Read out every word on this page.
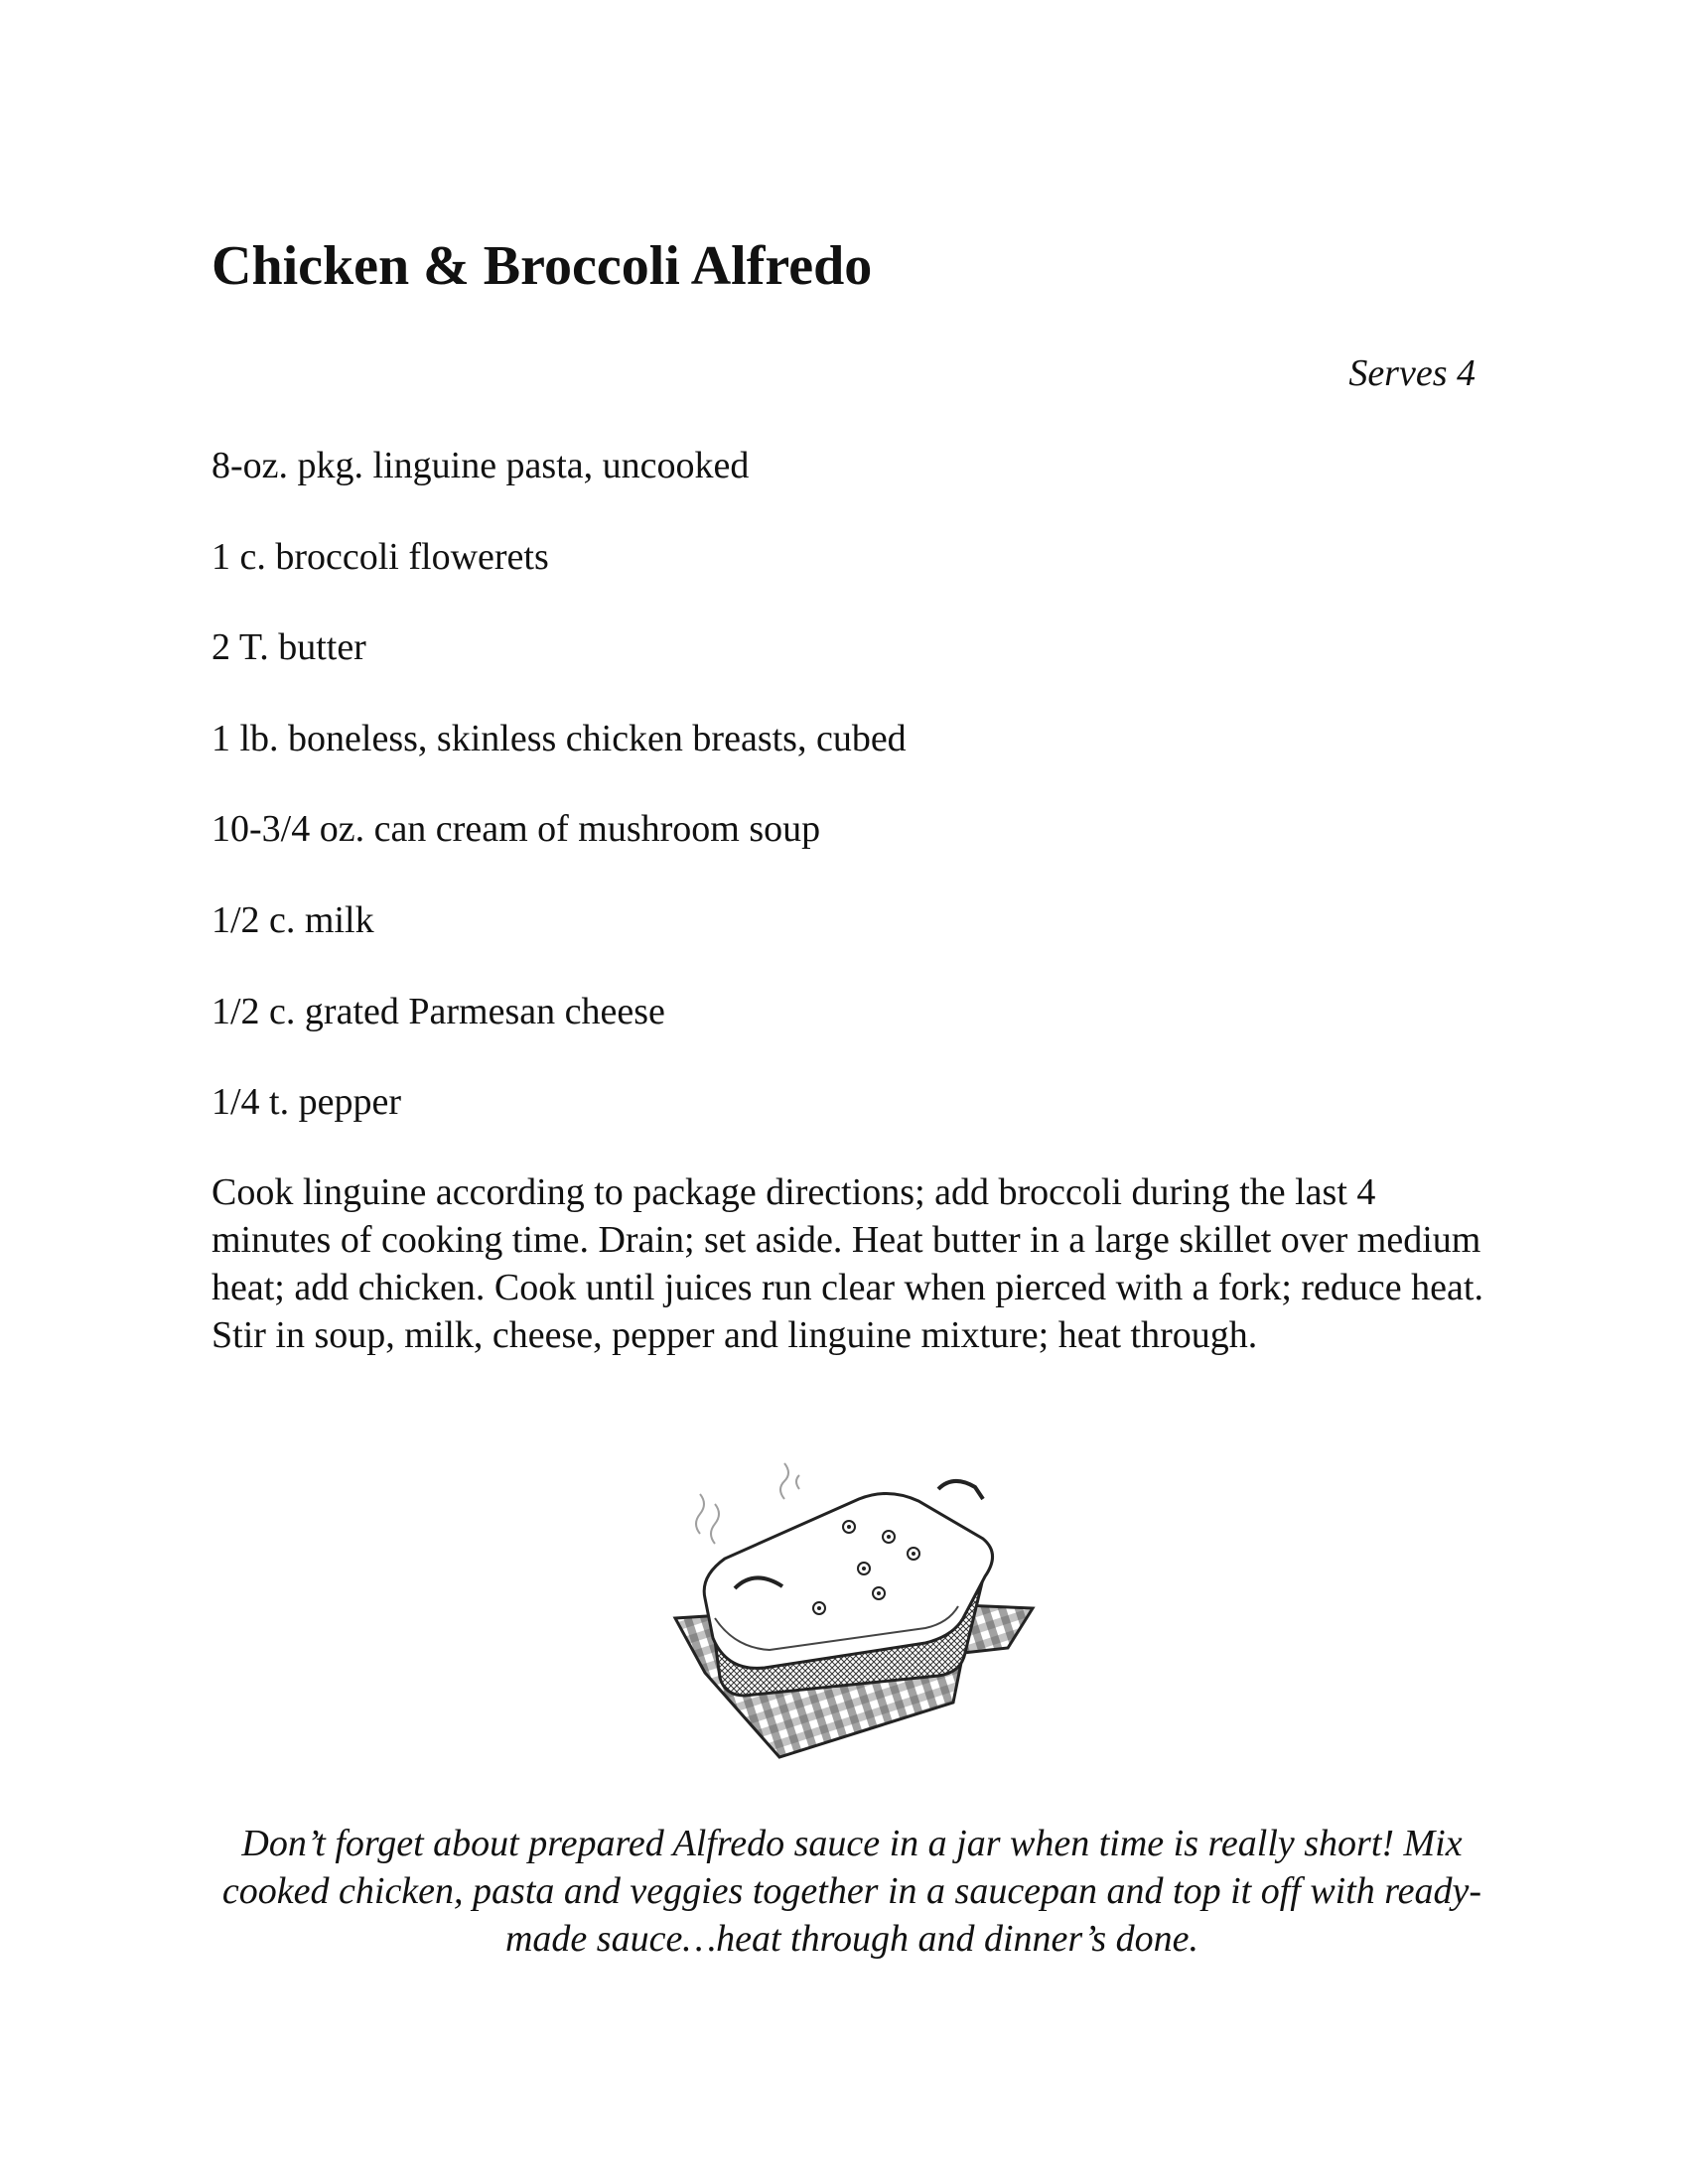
Chicken & Broccoli Alfredo
Serves 4
8-oz. pkg. linguine pasta, uncooked
1 c. broccoli flowerets
2 T. butter
1 lb. boneless, skinless chicken breasts, cubed
10-3/4 oz. can cream of mushroom soup
1/2 c. milk
1/2 c. grated Parmesan cheese
1/4 t. pepper

Cook linguine according to package directions; add broccoli during the last 4 minutes of cooking time. Drain; set aside. Heat butter in a large skillet over medium heat; add chicken. Cook until juices run clear when pierced with a fork; reduce heat. Stir in soup, milk, cheese, pepper and linguine mixture; heat through.

Don’t forget about prepared Alfredo sauce in a jar when time is really short! Mix cooked chicken, pasta and veggies together in a saucepan and top it off with ready-made sauce…heat through and dinner’s done.
